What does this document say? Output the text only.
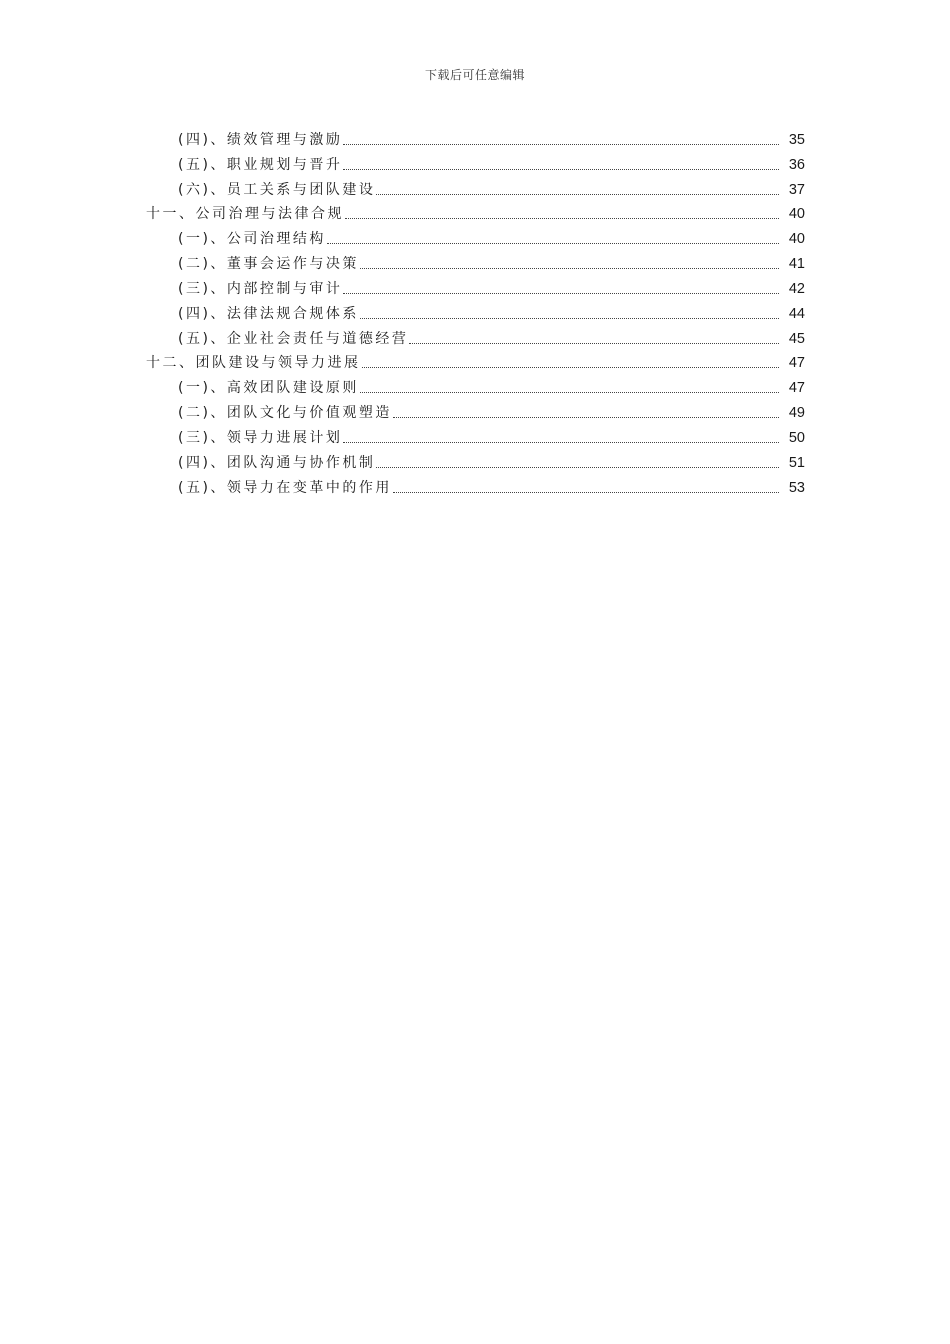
下载后可任意编辑
(四)、绩效管理与激励	35
(五)、职业规划与晋升	36
(六)、员工关系与团队建设	37
十一、公司治理与法律合规	40
(一)、公司治理结构	40
(二)、董事会运作与决策	41
(三)、内部控制与审计	42
(四)、法律法规合规体系	44
(五)、企业社会责任与道德经营	45
十二、团队建设与领导力进展	47
(一)、高效团队建设原则	47
(二)、团队文化与价值观塑造	49
(三)、领导力进展计划	50
(四)、团队沟通与协作机制	51
(五)、领导力在变革中的作用	53
